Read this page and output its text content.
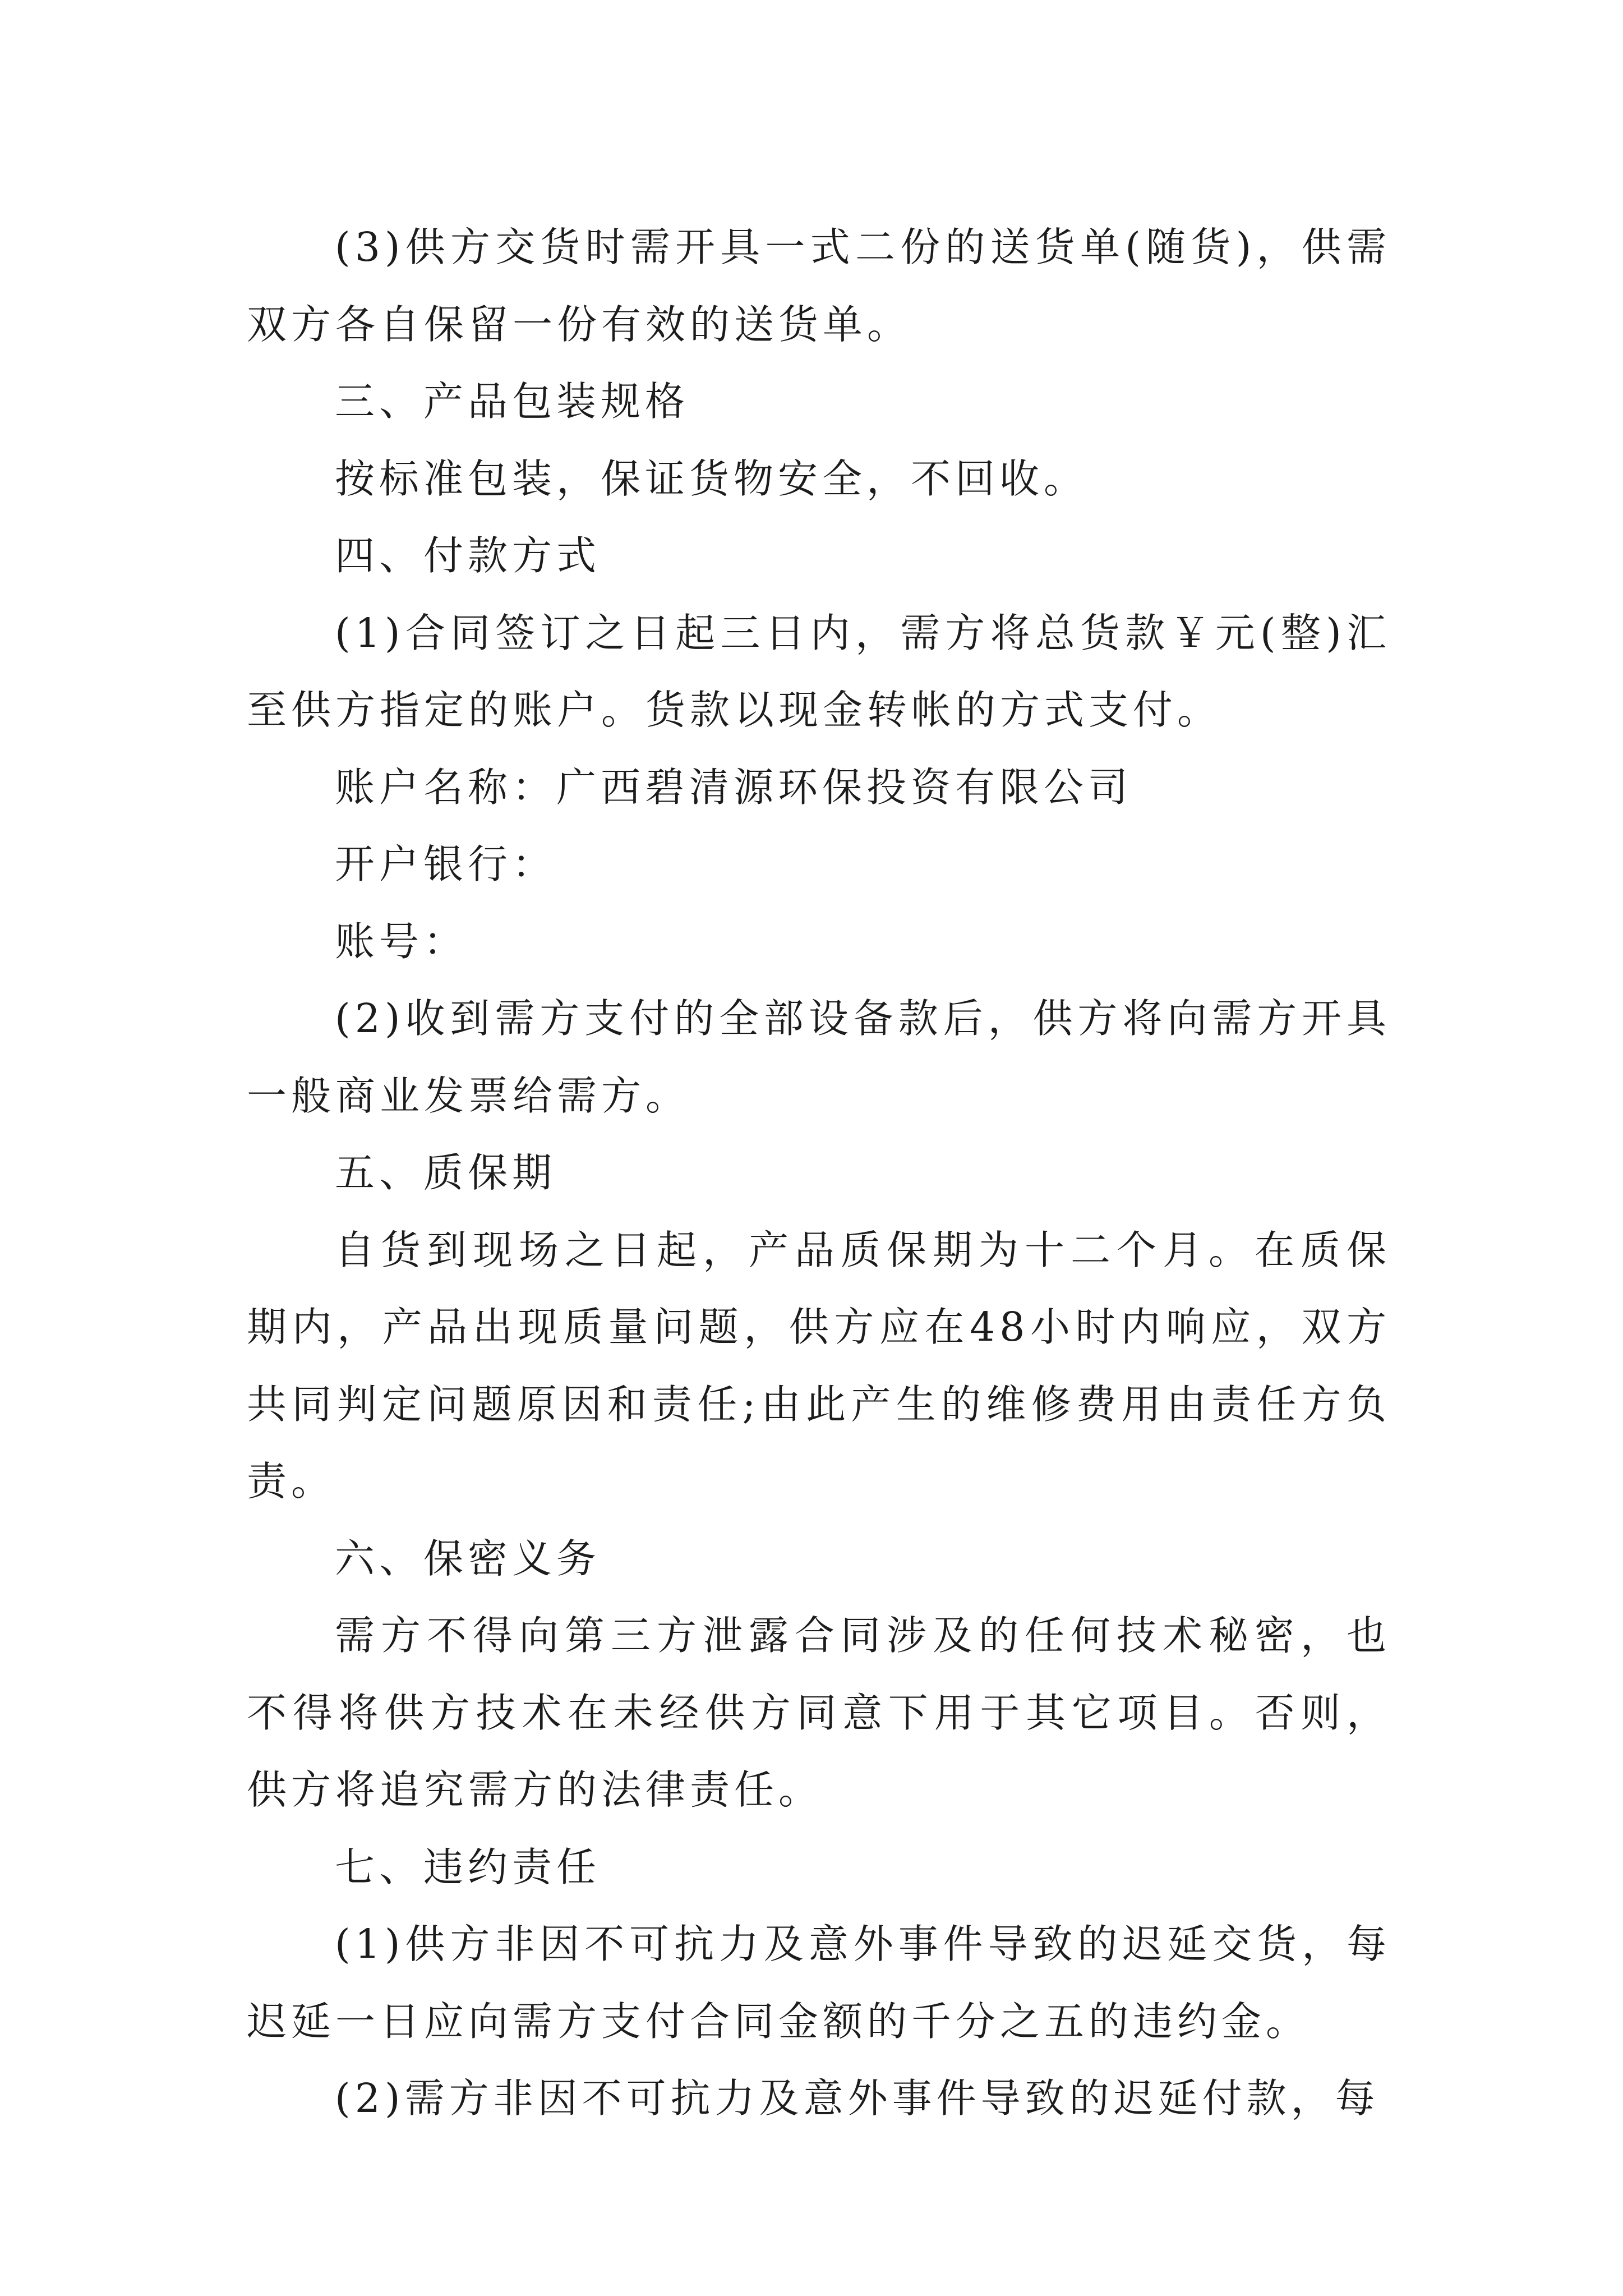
(3)供方交货时需开具一式二份的送货单(随货)，供需双方各自保留一份有效的送货单。

三、产品包装规格

按标准包装，保证货物安全，不回收。

四、付款方式

(1)合同签订之日起三日内，需方将总货款￥元(整)汇至供方指定的账户。货款以现金转帐的方式支付。

账户名称：广西碧清源环保投资有限公司

开户银行：

账号：

(2)收到需方支付的全部设备款后，供方将向需方开具一般商业发票给需方。

五、质保期

自货到现场之日起，产品质保期为十二个月。在质保期内，产品出现质量问题，供方应在48小时内响应，双方共同判定问题原因和责任;由此产生的维修费用由责任方负责。

六、保密义务

需方不得向第三方泄露合同涉及的任何技术秘密，也不得将供方技术在未经供方同意下用于其它项目。否则，供方将追究需方的法律责任。

七、违约责任

(1)供方非因不可抗力及意外事件导致的迟延交货，每迟延一日应向需方支付合同金额的千分之五的违约金。

(2)需方非因不可抗力及意外事件导致的迟延付款，每
